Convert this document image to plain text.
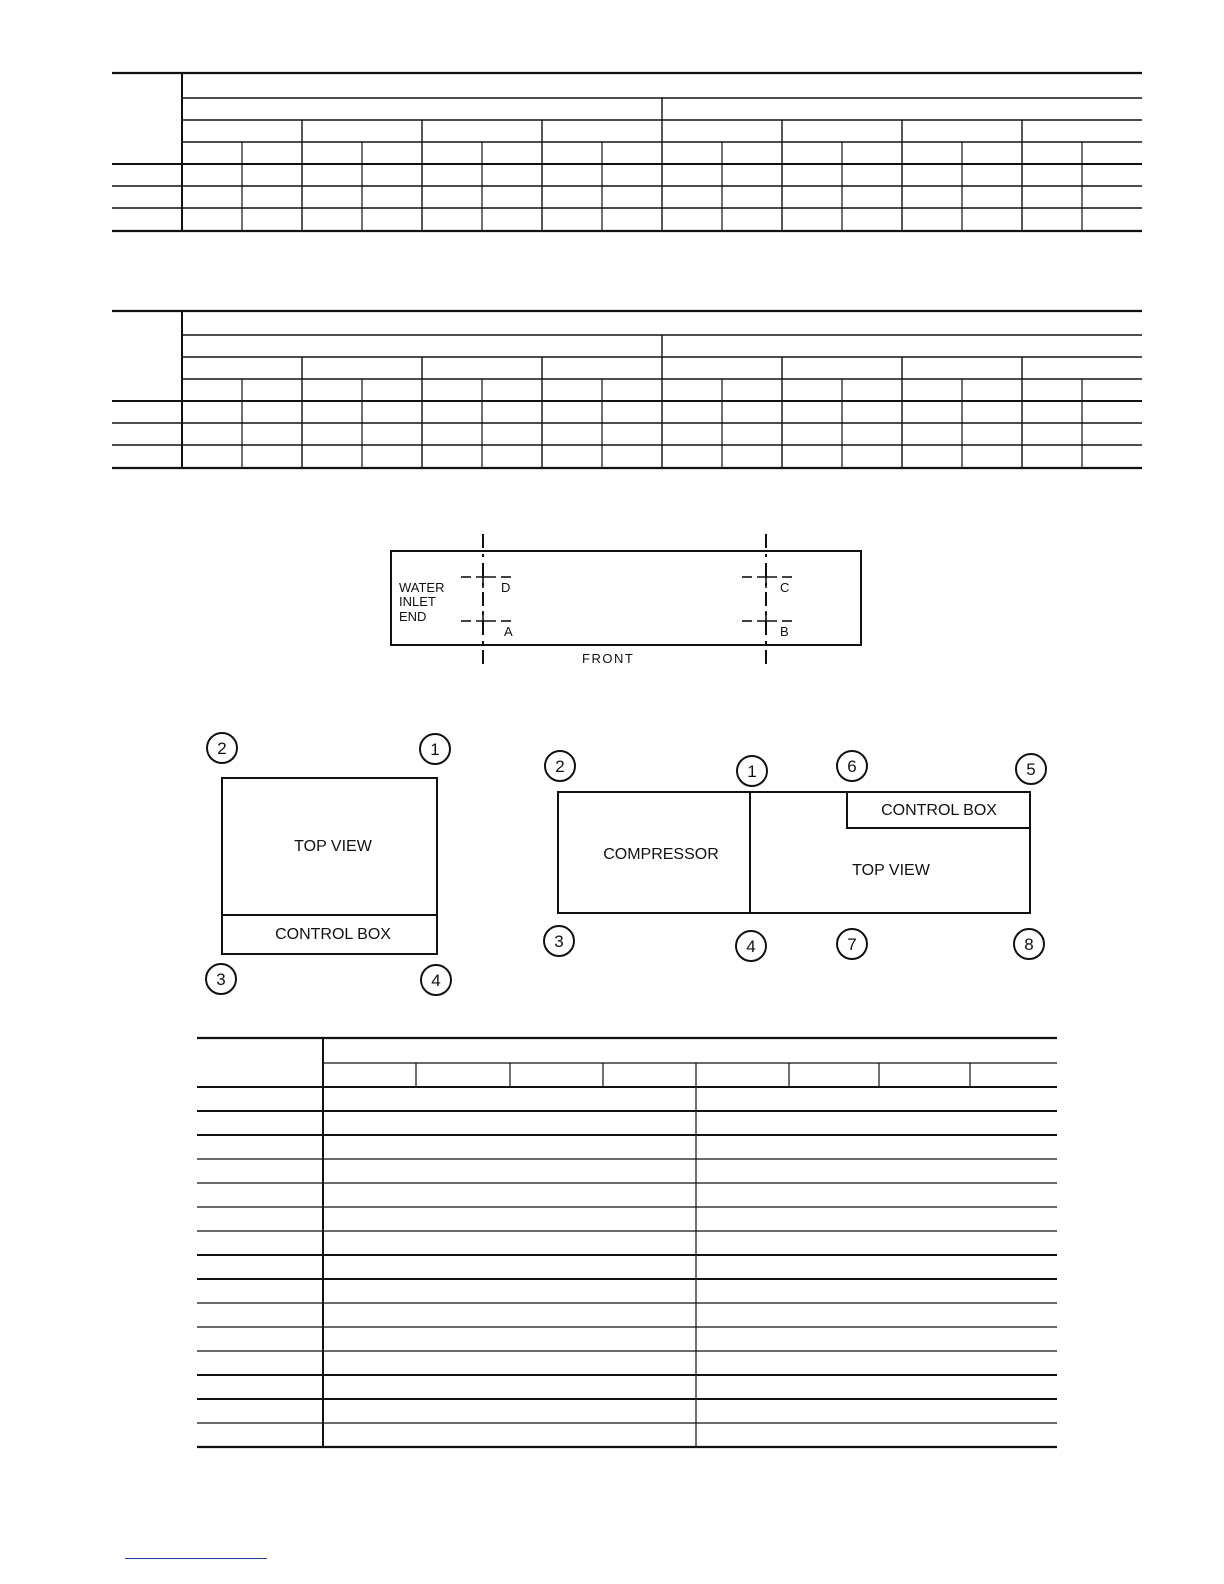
WATER
INLET
END
D
A
C
B
FRONT
TOP VIEW
CONTROL BOX
2	1
3	4
COMPRESSOR
TOP VIEW
CONTROL BOX
2	1	6	5
3	4	7	8
